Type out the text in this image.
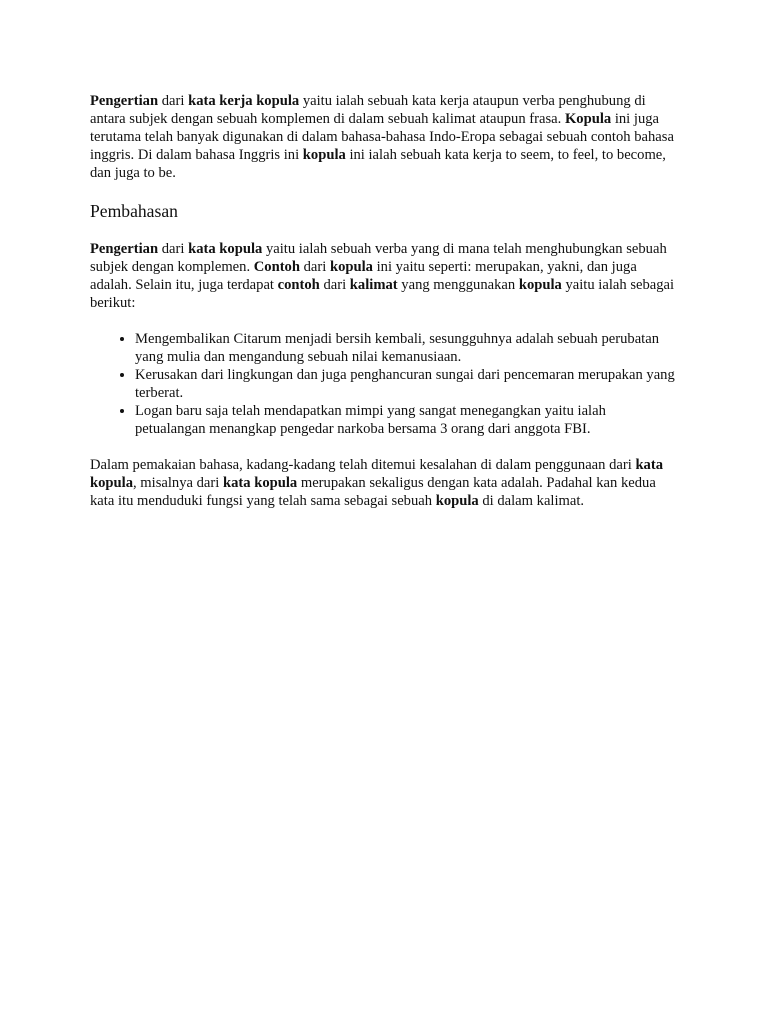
Pengertian dari kata kerja kopula yaitu ialah sebuah kata kerja ataupun verba penghubung di antara subjek dengan sebuah komplemen di dalam sebuah kalimat ataupun frasa. Kopula ini juga terutama telah banyak digunakan di dalam bahasa-bahasa Indo-Eropa sebagai sebuah contoh bahasa inggris. Di dalam bahasa Inggris ini kopula ini ialah sebuah kata kerja to seem, to feel, to become, dan juga to be.

Pembahasan

Pengertian dari kata kopula yaitu ialah sebuah verba yang di mana telah menghubungkan sebuah subjek dengan komplemen. Contoh dari kopula ini yaitu seperti: merupakan, yakni, dan juga adalah. Selain itu, juga terdapat contoh dari kalimat yang menggunakan kopula yaitu ialah sebagai berikut:

• Mengembalikan Citarum menjadi bersih kembali, sesungguhnya adalah sebuah perubatan yang mulia dan mengandung sebuah nilai kemanusiaan.
• Kerusakan dari lingkungan dan juga penghancuran sungai dari pencemaran merupakan yang terberat.
• Logan baru saja telah mendapatkan mimpi yang sangat menegangkan yaitu ialah petualangan menangkap pengedar narkoba bersama 3 orang dari anggota FBI.

Dalam pemakaian bahasa, kadang-kadang telah ditemui kesalahan di dalam penggunaan dari kata kopula, misalnya dari kata kopula merupakan sekaligus dengan kata adalah. Padahal kan kedua kata itu menduduki fungsi yang telah sama sebagai sebuah kopula di dalam kalimat.
